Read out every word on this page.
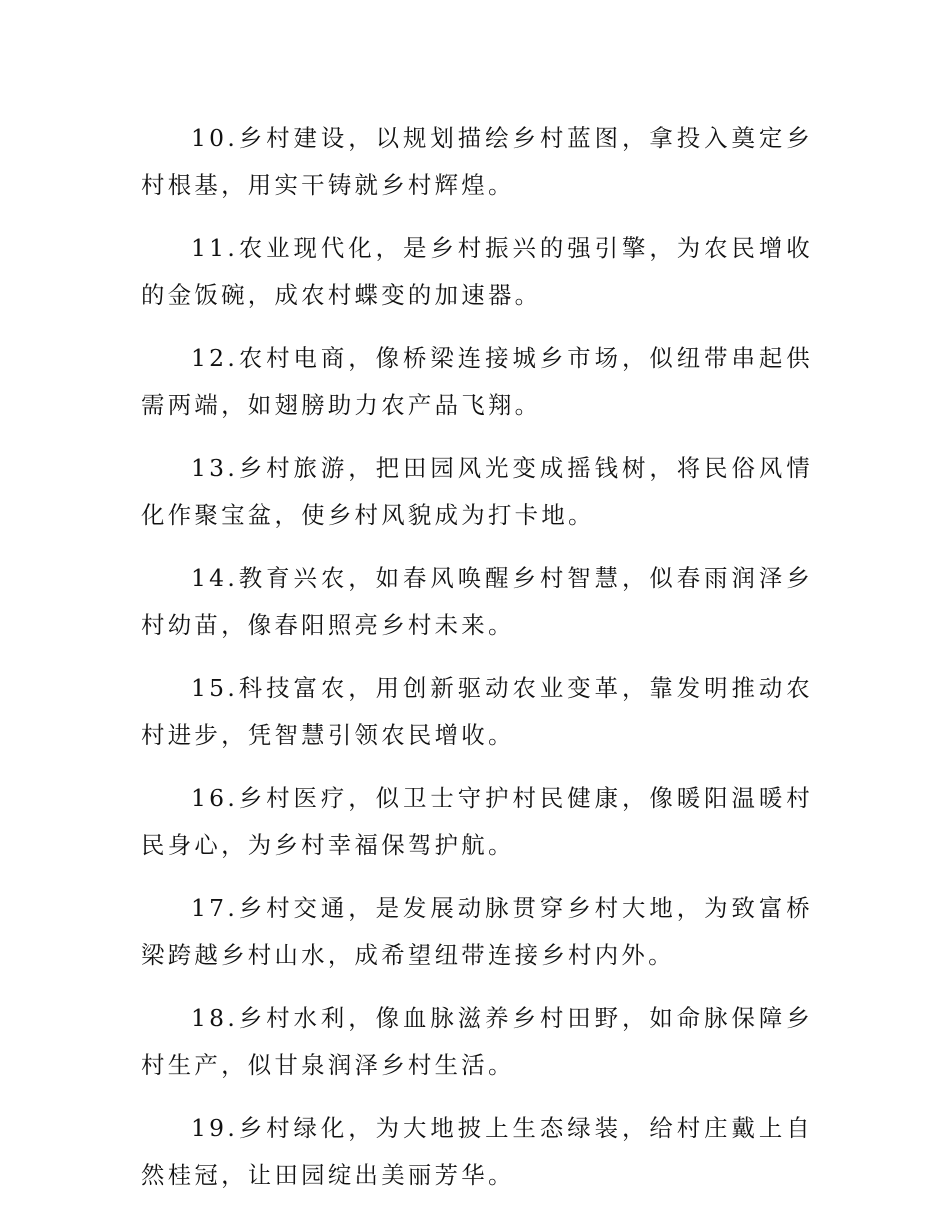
10.乡村建设，以规划描绘乡村蓝图，拿投入奠定乡村根基，用实干铸就乡村辉煌。

11.农业现代化，是乡村振兴的强引擎，为农民增收的金饭碗，成农村蝶变的加速器。

12.农村电商，像桥梁连接城乡市场，似纽带串起供需两端，如翅膀助力农产品飞翔。

13.乡村旅游，把田园风光变成摇钱树，将民俗风情化作聚宝盆，使乡村风貌成为打卡地。

14.教育兴农，如春风唤醒乡村智慧，似春雨润泽乡村幼苗，像春阳照亮乡村未来。

15.科技富农，用创新驱动农业变革，靠发明推动农村进步，凭智慧引领农民增收。

16.乡村医疗，似卫士守护村民健康，像暖阳温暖村民身心，为乡村幸福保驾护航。

17.乡村交通，是发展动脉贯穿乡村大地，为致富桥梁跨越乡村山水，成希望纽带连接乡村内外。

18.乡村水利，像血脉滋养乡村田野，如命脉保障乡村生产，似甘泉润泽乡村生活。

19.乡村绿化，为大地披上生态绿装，给村庄戴上自然桂冠，让田园绽出美丽芳华。
